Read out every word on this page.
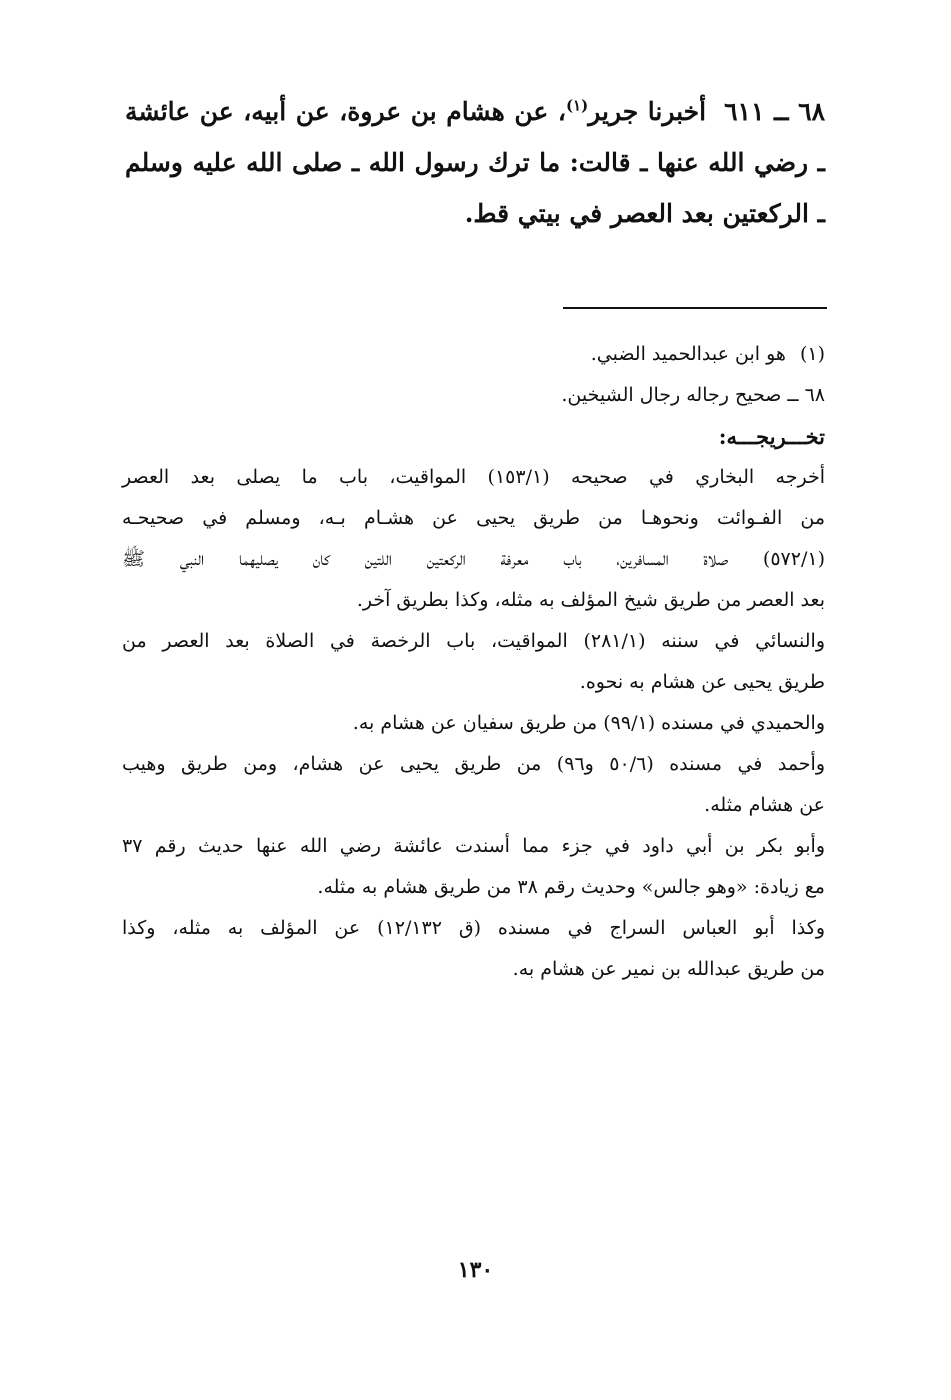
٦٨ ــ ٦١١أخبرنا جرير$^{(١)}$، عن هشام بن عروة، عن أبيه، عن عائشة ـ رضي الله عنها ـ قالت: ما ترك رسول الله ـ صلى الله عليه وسلم ـ الركعتين بعد العصر في بيتي قط.
(١)هو ابن عبدالحميد الضبي.
٦٨ ــ صحيح رجاله رجال الشيخين.
تخـــريجـــه:
أخرجه البخاري في صحيحه (١٥٣/١) المواقيت، باب ما يصلى بعد العصر
من الفـوائت ونحوهـا من طريق يحيى عن هشـام بـه، ومسلم في صحيحـه
(٥٧٢/١) صلاة المسافرين، باب معرفة الركعتين اللتين كان يصليهما النبي ﷺ
بعد العصر من طريق شيخ المؤلف به مثله، وكذا بطريق آخر.
والنسائي في سننه (٢٨١/١) المواقيت، باب الرخصة في الصلاة بعد العصر من
طريق يحيى عن هشام به نحوه.
والحميدي في مسنده (٩٩/١) من طريق سفيان عن هشام به.
وأحمد في مسنده (٥٠/٦ و٩٦) من طريق يحيى عن هشام، ومن طريق وهيب
عن هشام مثله.
وأبو بكر بن أبي داود في جزء مما أسندت عائشة رضي الله عنها حديث رقم ٣٧
مع زيادة: «وهو جالس» وحديث رقم ٣٨ من طريق هشام به مثله.
وكذا أبو العباس السراج في مسنده (ق ١٢/١٣٢) عن المؤلف به مثله، وكذا
من طريق عبدالله بن نمير عن هشام به.
١٣٠
